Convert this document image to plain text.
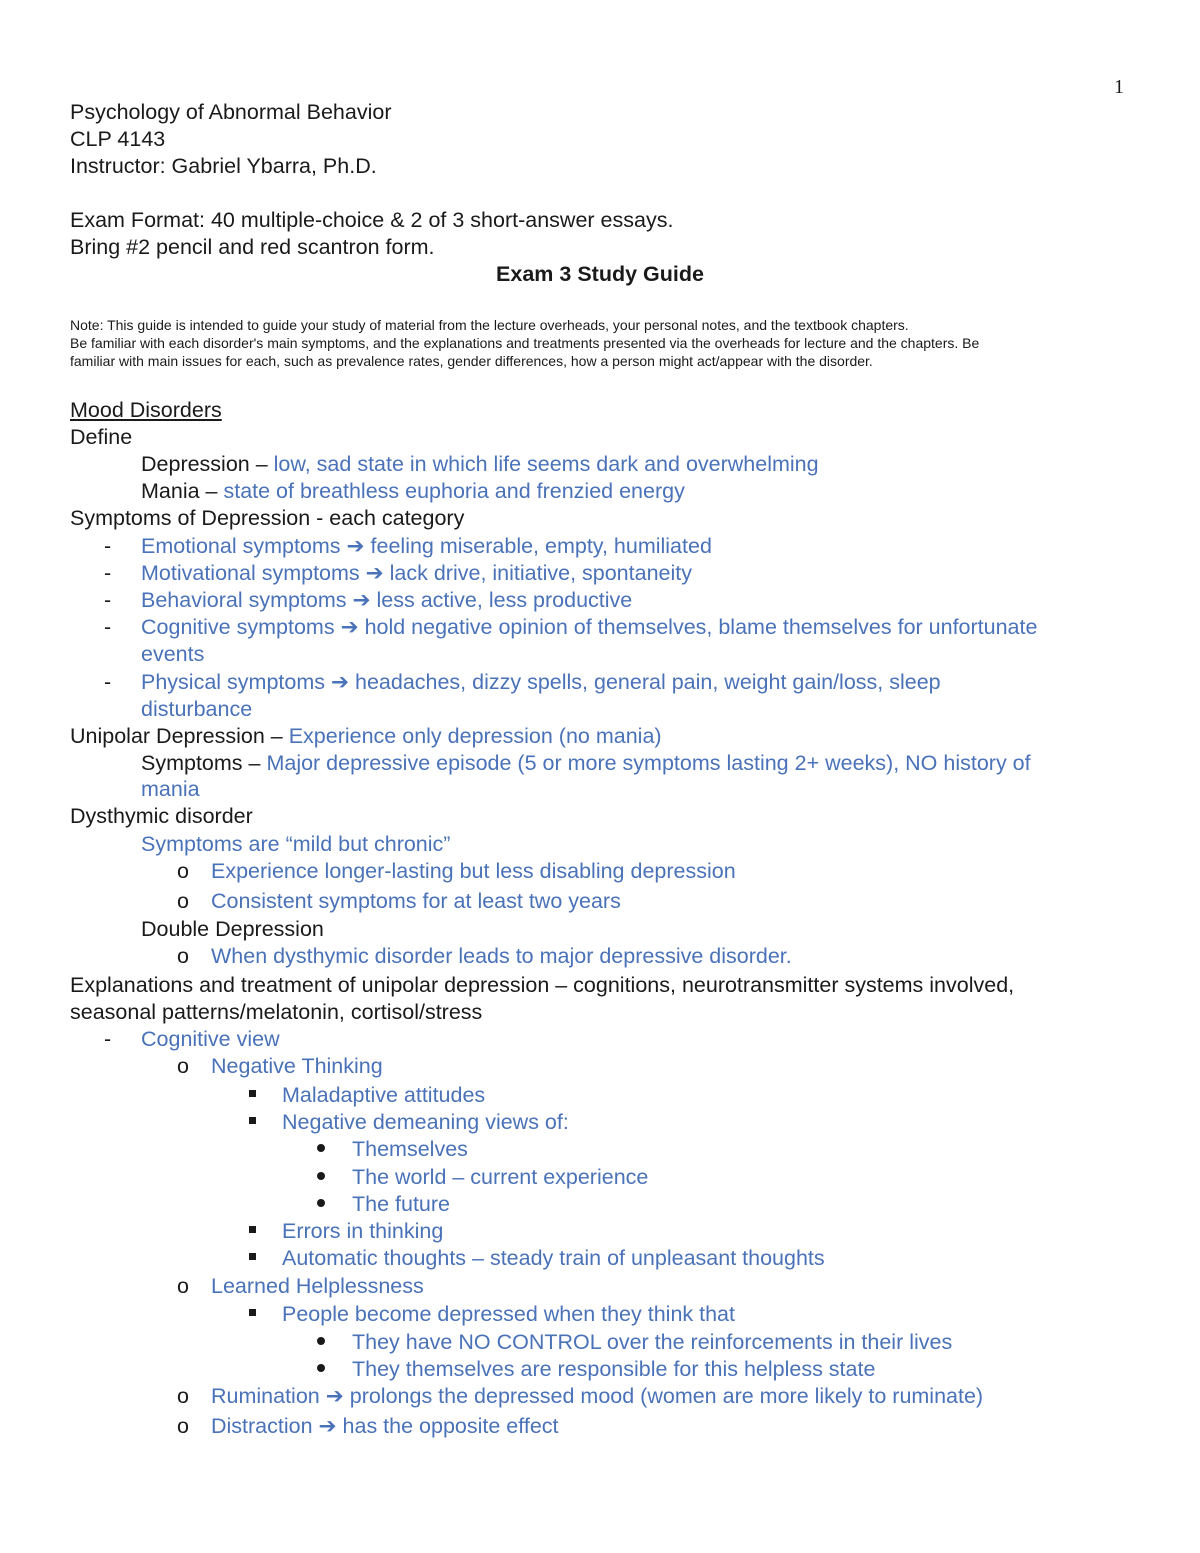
1
Psychology of Abnormal Behavior
CLP 4143
Instructor: Gabriel Ybarra, Ph.D.
Exam Format: 40 multiple-choice & 2 of 3 short-answer essays.
Bring #2 pencil and red scantron form.
Exam 3 Study Guide
Note: This guide is intended to guide your study of material from the lecture overheads, your personal notes, and the textbook chapters.
Be familiar with each disorder's main symptoms, and the explanations and treatments presented via the overheads for lecture and the chapters. Be
familiar with main issues for each, such as prevalence rates, gender differences, how a person might act/appear with the disorder.
Mood Disorders
Define
Depression – low, sad state in which life seems dark and overwhelming
Mania – state of breathless euphoria and frenzied energy
Symptoms of Depression - each category
- Emotional symptoms ➔ feeling miserable, empty, humiliated
- Motivational symptoms ➔ lack drive, initiative, spontaneity
- Behavioral symptoms ➔ less active, less productive
- Cognitive symptoms ➔ hold negative opinion of themselves, blame themselves for unfortunate
events
- Physical symptoms ➔ headaches, dizzy spells, general pain, weight gain/loss, sleep
disturbance
Unipolar Depression – Experience only depression (no mania)
Symptoms – Major depressive episode (5 or more symptoms lasting 2+ weeks), NO history of
mania
Dysthymic disorder
Symptoms are “mild but chronic”
o Experience longer-lasting but less disabling depression
o Consistent symptoms for at least two years
Double Depression
o When dysthymic disorder leads to major depressive disorder.
Explanations and treatment of unipolar depression – cognitions, neurotransmitter systems involved,
seasonal patterns/melatonin, cortisol/stress
- Cognitive view
o Negative Thinking
Maladaptive attitudes
Negative demeaning views of:
Themselves
The world – current experience
The future
Errors in thinking
Automatic thoughts – steady train of unpleasant thoughts
o Learned Helplessness
People become depressed when they think that
They have NO CONTROL over the reinforcements in their lives
They themselves are responsible for this helpless state
o Rumination ➔ prolongs the depressed mood (women are more likely to ruminate)
o Distraction ➔ has the opposite effect
